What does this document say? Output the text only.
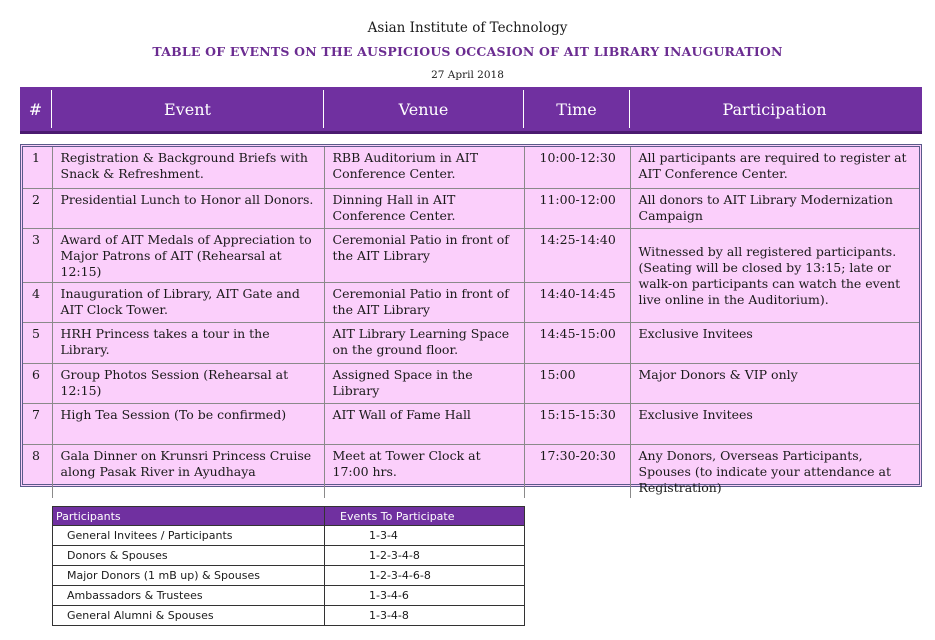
Asian Institute of Technology
TABLE OF EVENTS ON THE AUSPICIOUS OCCASION OF AIT LIBRARY INAUGURATION
27 April 2018
#	Event	Venue	Time	Participation
1	Registration & Background Briefs with Snack & Refreshment.	RBB Auditorium in AIT Conference Center.	10:00-12:30	All participants are required to register at AIT Conference Center.
2	Presidential Lunch to Honor all Donors.	Dinning Hall in AIT Conference Center.	11:00-12:00	All donors to AIT Library Modernization Campaign
3	Award of AIT Medals of Appreciation to Major Patrons of AIT (Rehearsal at 12:15)	Ceremonial Patio in front of the AIT Library	14:25-14:40	Witnessed by all registered participants. (Seating will be closed by 13:15; late or walk-on participants can watch the event live online in the Auditorium).
4	Inauguration of Library, AIT Gate and AIT Clock Tower.	Ceremonial Patio in front of the AIT Library	14:40-14:45	
5	HRH Princess takes a tour in the Library.	AIT Library Learning Space on the ground floor.	14:45-15:00	Exclusive Invitees
6	Group Photos Session (Rehearsal at 12:15)	Assigned Space in the Library	15:00	Major Donors & VIP only
7	High Tea Session (To be confirmed)	AIT Wall of Fame Hall	15:15-15:30	Exclusive Invitees
8	Gala Dinner on Krunsri Princess Cruise along Pasak River in Ayudhaya	Meet at Tower Clock at 17:00 hrs.	17:30-20:30	Any Donors, Overseas Participants, Spouses (to indicate your attendance at Registration)
Participants	Events To Participate
General Invitees / Participants	1-3-4
Donors & Spouses	1-2-3-4-8
Major Donors (1 mB up) & Spouses	1-2-3-4-6-8
Ambassadors & Trustees	1-3-4-6
General Alumni & Spouses	1-3-4-8
